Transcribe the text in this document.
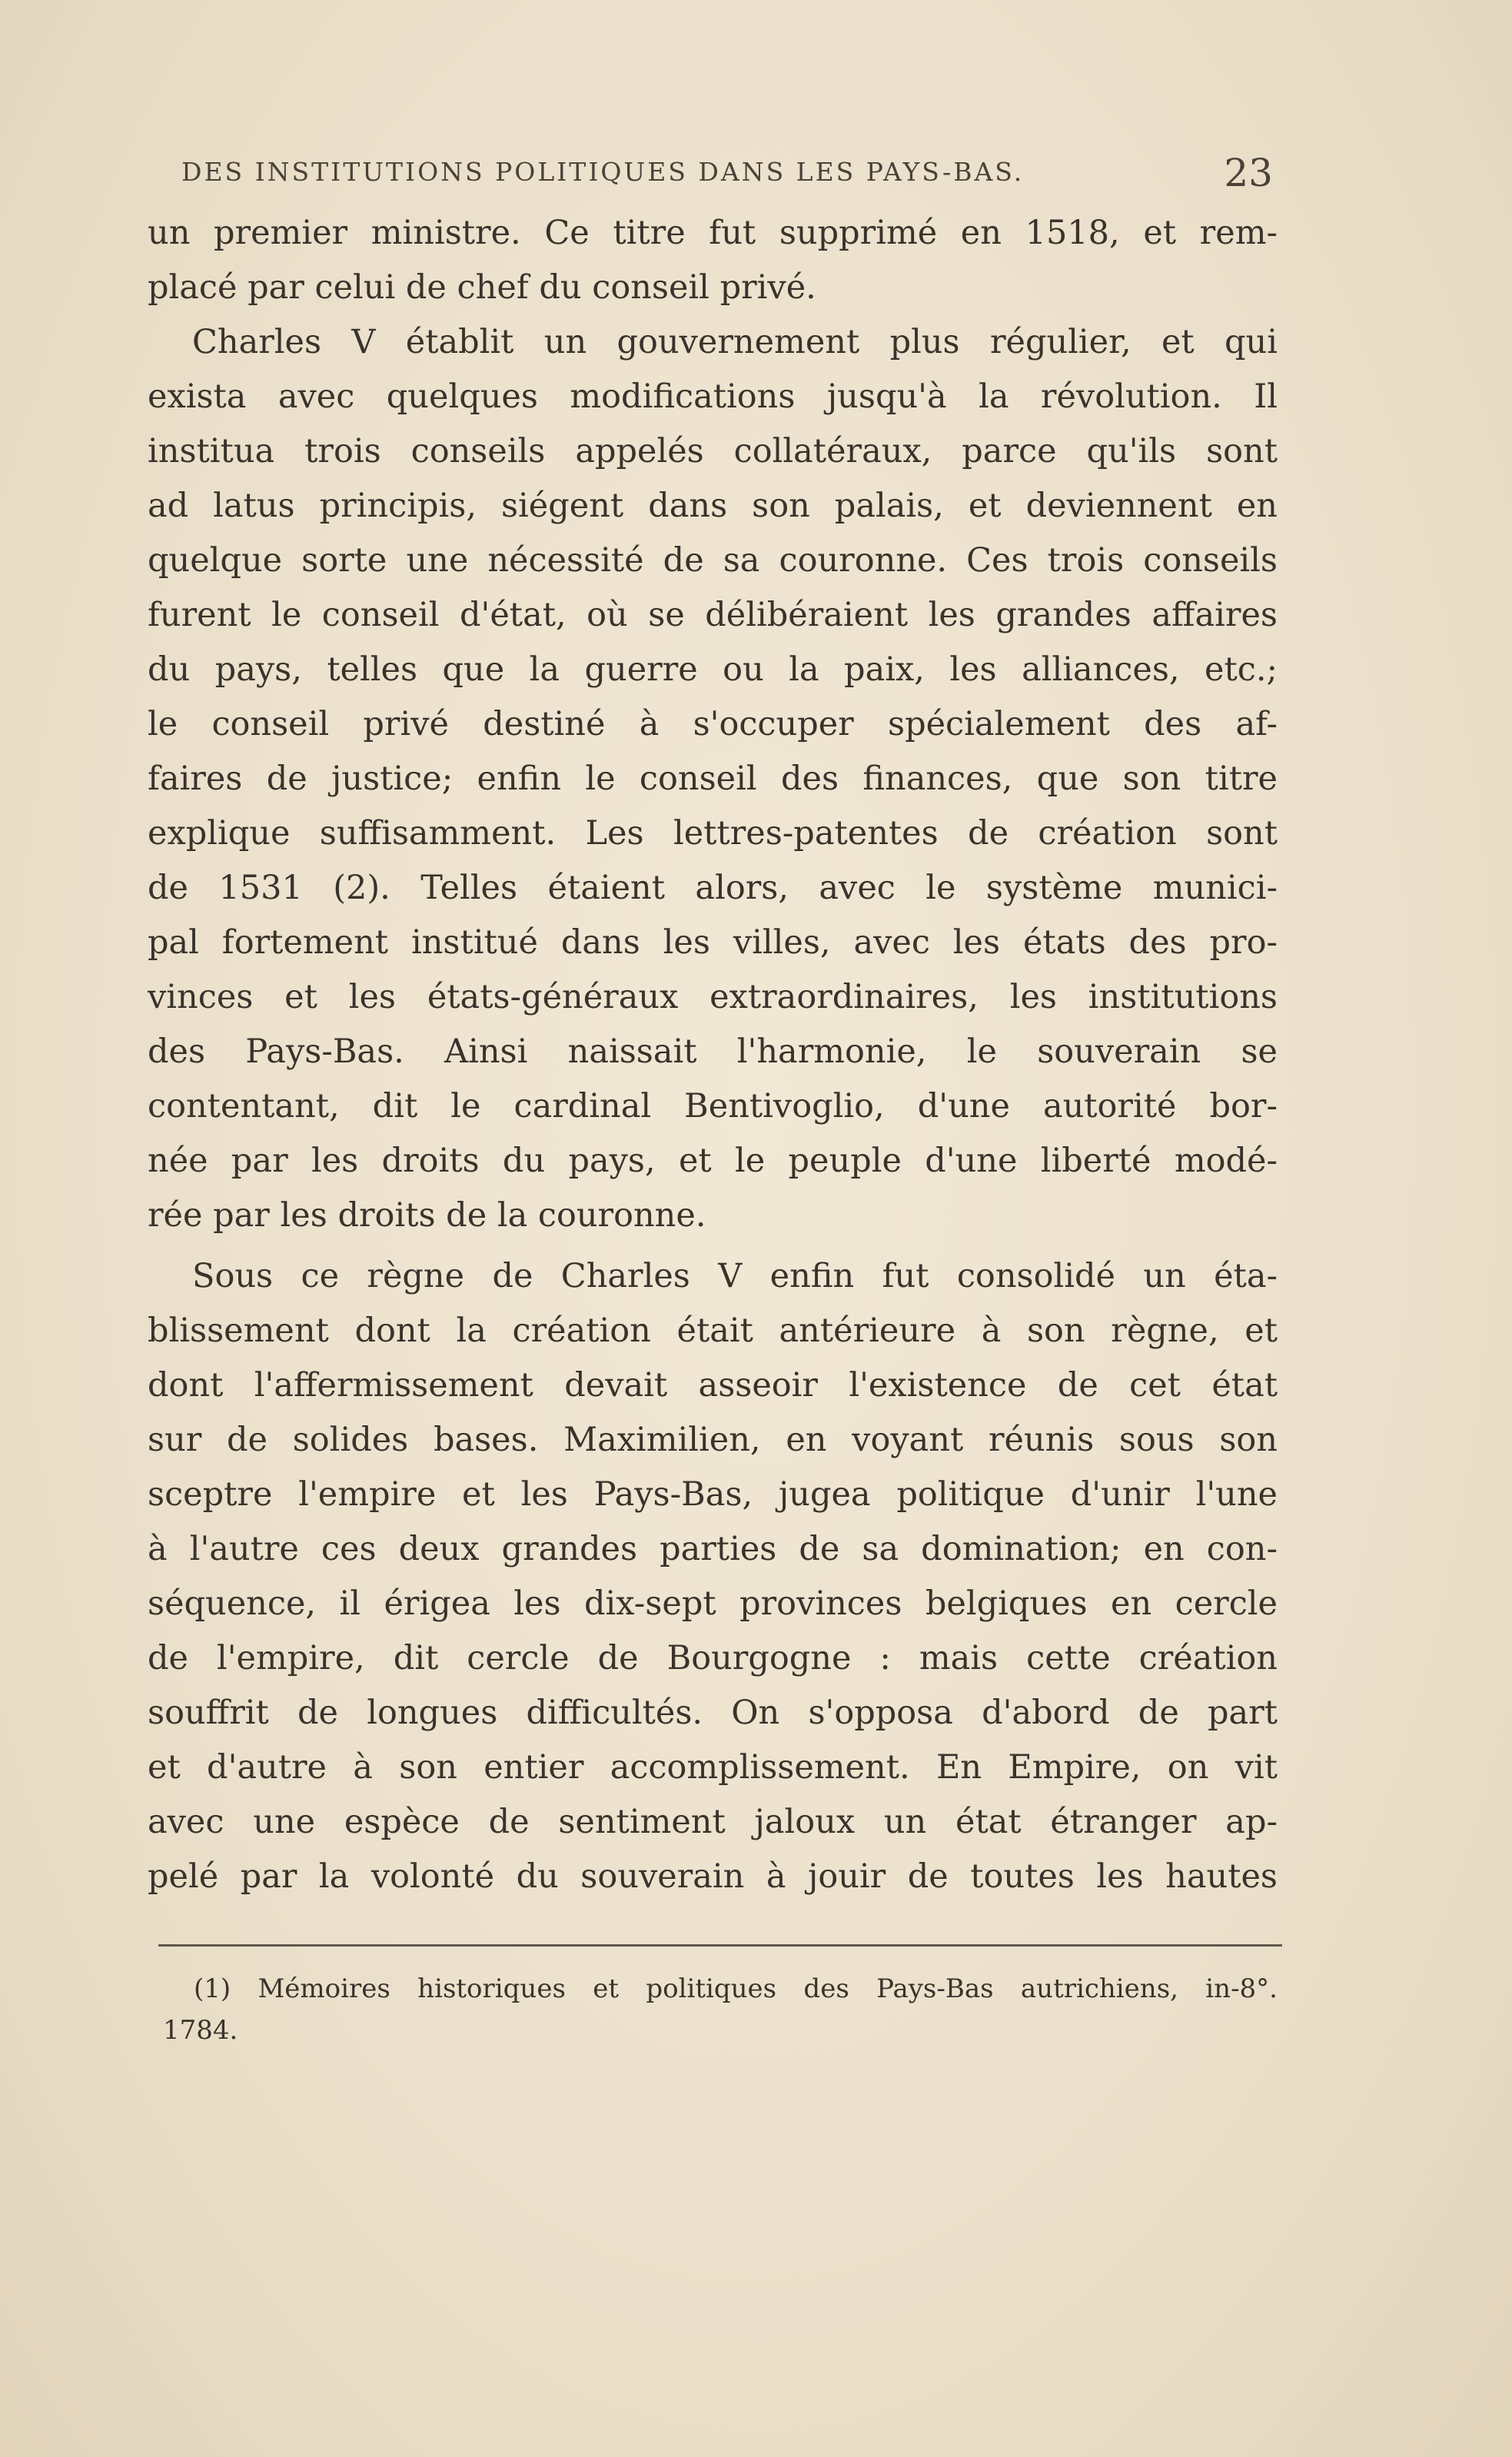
DES INSTITUTIONS POLITIQUES DANS LES PAYS-BAS.	23
un premier ministre. Ce titre fut supprimé en 1518, et rem-
placé par celui de chef du conseil privé.
Charles V établit un gouvernement plus régulier, et qui
exista avec quelques modifications jusqu'à la révolution. Il
institua trois conseils appelés collatéraux, parce qu'ils sont
ad latus principis, siégent dans son palais, et deviennent en
quelque sorte une nécessité de sa couronne. Ces trois conseils
furent le conseil d'état, où se délibéraient les grandes affaires
du pays, telles que la guerre ou la paix, les alliances, etc.;
le conseil privé destiné à s'occuper spécialement des af-
faires de justice; enfin le conseil des finances, que son titre
explique suffisamment. Les lettres-patentes de création sont
de 1531 (2). Telles étaient alors, avec le système munici-
pal fortement institué dans les villes, avec les états des pro-
vinces et les états-généraux extraordinaires, les institutions
des Pays-Bas. Ainsi naissait l'harmonie, le souverain se
contentant, dit le cardinal Bentivoglio, d'une autorité bor-
née par les droits du pays, et le peuple d'une liberté modé-
rée par les droits de la couronne.
Sous ce règne de Charles V enfin fut consolidé un éta-
blissement dont la création était antérieure à son règne, et
dont l'affermissement devait asseoir l'existence de cet état
sur de solides bases. Maximilien, en voyant réunis sous son
sceptre l'empire et les Pays-Bas, jugea politique d'unir l'une
à l'autre ces deux grandes parties de sa domination; en con-
séquence, il érigea les dix-sept provinces belgiques en cercle
de l'empire, dit cercle de Bourgogne : mais cette création
souffrit de longues difficultés. On s'opposa d'abord de part
et d'autre à son entier accomplissement. En Empire, on vit
avec une espèce de sentiment jaloux un état étranger ap-
pelé par la volonté du souverain à jouir de toutes les hautes
(1) Mémoires historiques et politiques des Pays-Bas autrichiens, in-8°.
1784.
